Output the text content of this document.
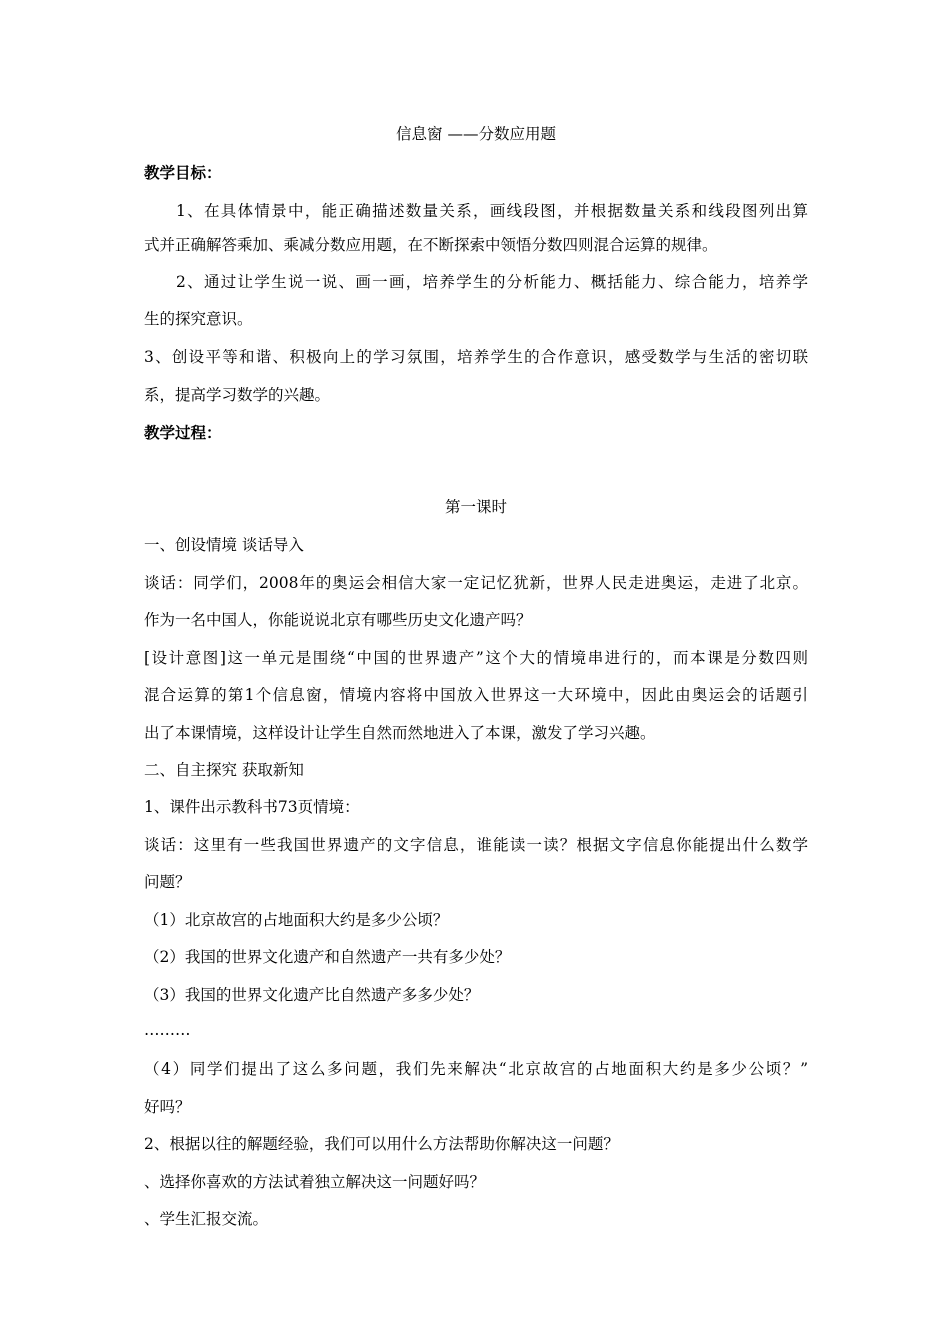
信息窗 ——分数应用题
教学目标：
1、在具体情景中，能正确描述数量关系，画线段图，并根据数量关系和线段图列出算
式并正确解答乘加、乘减分数应用题，在不断探索中领悟分数四则混合运算的规律。
2、通过让学生说一说、画一画，培养学生的分析能力、概括能力、综合能力，培养学
生的探究意识。
3、创设平等和谐、积极向上的学习氛围，培养学生的合作意识，感受数学与生活的密切联
系，提高学习数学的兴趣。
教学过程：
第一课时
一、创设情境 谈话导入
谈话：同学们，2008年的奥运会相信大家一定记忆犹新，世界人民走进奥运，走进了北京。
作为一名中国人，你能说说北京有哪些历史文化遗产吗？
[设计意图]这一单元是围绕“中国的世界遗产”这个大的情境串进行的，而本课是分数四则
混合运算的第1个信息窗，情境内容将中国放入世界这一大环境中，因此由奥运会的话题引
出了本课情境，这样设计让学生自然而然地进入了本课，激发了学习兴趣。
二、自主探究 获取新知
1、课件出示教科书73页情境：
谈话：这里有一些我国世界遗产的文字信息，谁能读一读？根据文字信息你能提出什么数学
问题？
（1）北京故宫的占地面积大约是多少公顷？
（2）我国的世界文化遗产和自然遗产一共有多少处？
（3）我国的世界文化遗产比自然遗产多多少处？
………
（4）同学们提出了这么多问题，我们先来解决“北京故宫的占地面积大约是多少公顷？”
好吗？
2、根据以往的解题经验，我们可以用什么方法帮助你解决这一问题？
、选择你喜欢的方法试着独立解决这一问题好吗？
、学生汇报交流。
